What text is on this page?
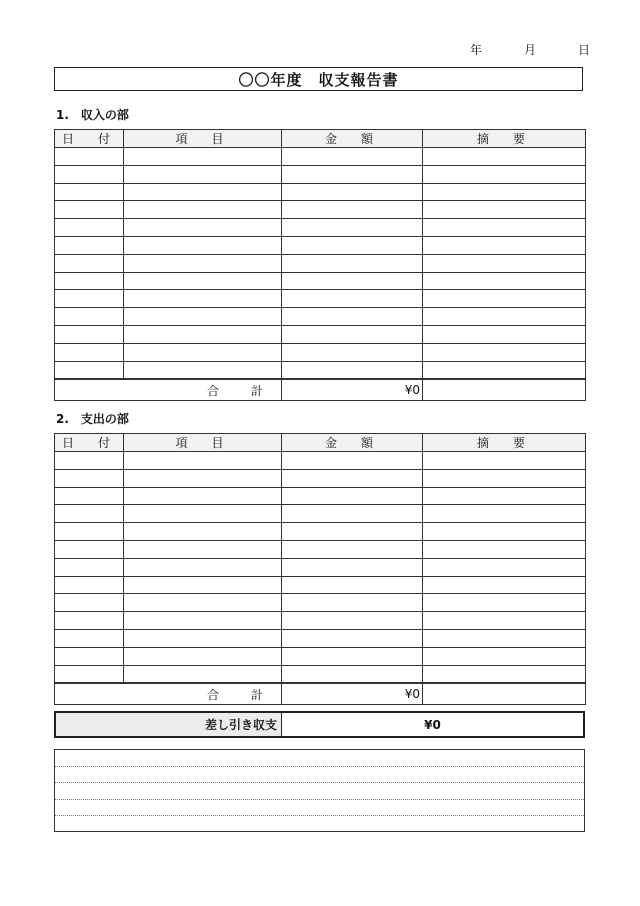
年	月	日
〇〇年度　収支報告書
1.　収入の部
日　付	項　目	金　額	摘　要

合　計		¥0	
2.　支出の部
日　付	項　目	金　額	摘　要

合　計		¥0	
差し引き収支	¥0
